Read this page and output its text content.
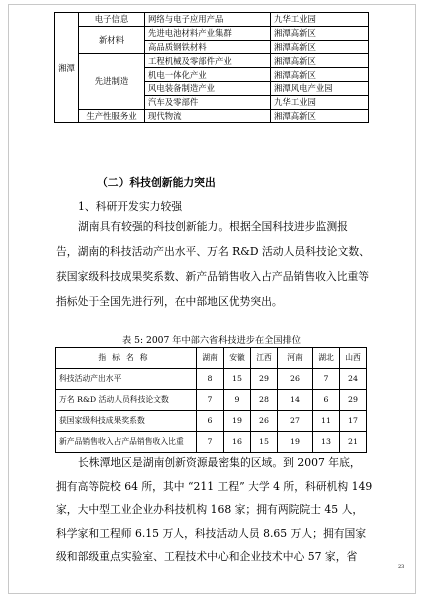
湘潭	电子信息	网络与电子应用产品	九华工业园
	新材料	先进电池材料产业集群	湘潭高新区
		高品质钢铁材料	湘潭高新区
	先进制造	工程机械及零部件产业	湘潭高新区
		机电一体化产业	湘潭高新区
		风电装备制造产业	湘潭风电产业园
		汽车及零部件	九华工业园
	生产性服务业	现代物流	湘潭高新区
（二）科技创新能力突出
1、科研开发实力较强
湖南具有较强的科技创新能力。根据全国科技进步监测报
告，湖南的科技活动产出水平、万名 R&D 活动人员科技论文数、
获国家级科技成果奖系数、新产品销售收入占产品销售收入比重等
指标处于全国先进行列，在中部地区优势突出。
表 5: 2007 年中部六省科技进步在全国排位
指标名称	湖南	安徽	江西	河南	湖北	山西
科技活动产出水平	8	15	29	26	7	24
万名 R&D 活动人员科技论文数	7	9	28	14	6	29
获国家级科技成果奖系数	6	19	26	27	11	17
新产品销售收入占产品销售收入比重	7	16	15	19	13	21
长株潭地区是湖南创新资源最密集的区域。到 2007 年底，
拥有高等院校 64 所，其中 “211 工程” 大学 4 所，科研机构 149
家，大中型工业企业办科技机构 168 家；拥有两院院士 45 人，
科学家和工程师 6.15 万人，科技活动人员 8.65 万人；拥有国家
级和部级重点实验室、工程技术中心和企业技术中心 57 家，省
23
